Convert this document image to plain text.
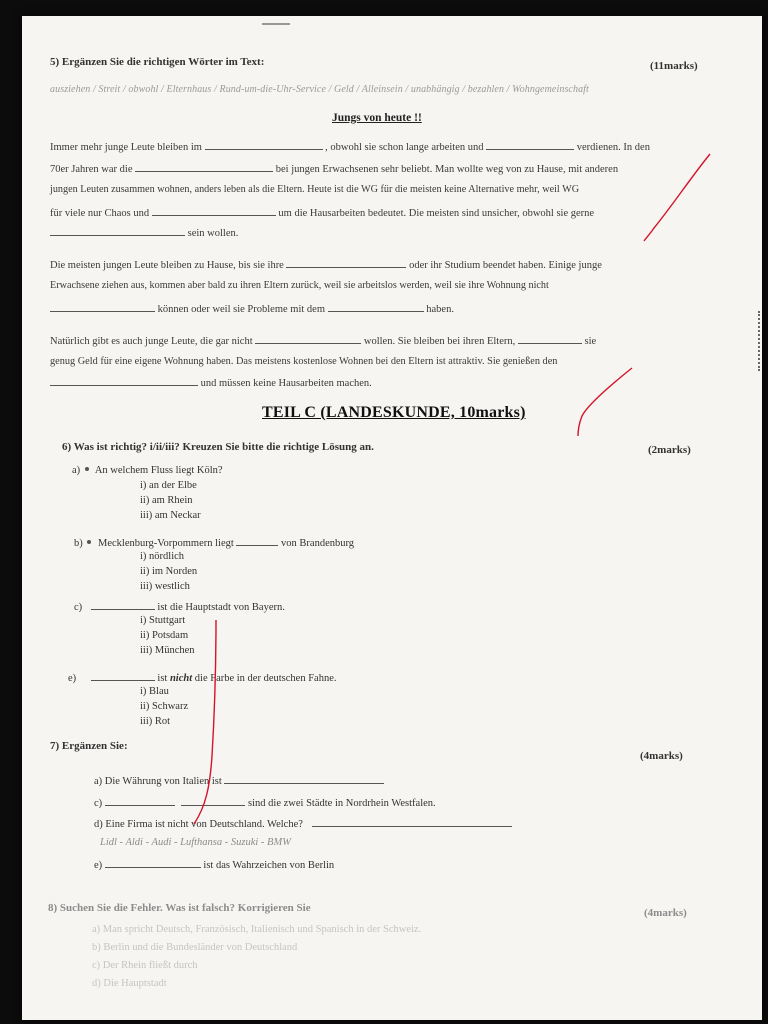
5) Ergänzen Sie die richtigen Wörter im Text:	(11marks)
ausziehen / Streit / obwohl / Elternhaus / Rund-um-die-Uhr-Service / Geld / Alleinsein / unabhängig / bezahlen / Wohngemeinschaft
Jungs von heute !!
Immer mehr junge Leute bleiben im	, obwohl sie schon lange arbeiten und	verdienen. In den
70er Jahren war die	bei jungen Erwachsenen sehr beliebt. Man wollte weg von zu Hause, mit anderen
jungen Leuten zusammen wohnen, anders leben als die Eltern. Heute ist die WG für die meisten keine Alternative mehr, weil WG
für viele nur Chaos und	um die Hausarbeiten bedeutet. Die meisten sind unsicher, obwohl sie gerne
sein wollen.
Die meisten jungen Leute bleiben zu Hause, bis sie ihre	oder ihr Studium beendet haben. Einige junge
Erwachsene ziehen aus, kommen aber bald zu ihren Eltern zurück, weil sie arbeitslos werden, weil sie ihre Wohnung nicht
können oder weil sie Probleme mit dem	haben.
Natürlich gibt es auch junge Leute, die gar nicht	wollen. Sie bleiben bei ihren Eltern,	sie
genug Geld für eine eigene Wohnung haben. Das meistens kostenlose Wohnen bei den Eltern ist attraktiv. Sie genießen den
und müssen keine Hausarbeiten machen.
TEIL C (LANDESKUNDE, 10marks)
6) Was ist richtig? i/ii/iii? Kreuzen Sie bitte die richtige Lösung an.	(2marks)
a) An welchem Fluss liegt Köln?
i) an der Elbe
ii) am Rhein
iii) am Neckar
b) Mecklenburg-Vorpommern liegt	von Brandenburg
i) nördlich
ii) im Norden
iii) westlich
c)	ist die Hauptstadt von Bayern.
i) Stuttgart
ii) Potsdam
iii) München
e)	ist nicht die Farbe in der deutschen Fahne.
i) Blau
ii) Schwarz
iii) Rot
7) Ergänzen Sie:
(4marks)
a) Die Währung von Italien ist
c)	sind die zwei Städte in Nordrhein Westfalen.
d) Eine Firma ist nicht von Deutschland. Welche?
Lidl - Aldi - Audi - Lufthansa - Suzuki - BMW
e)	ist das Wahrzeichen von Berlin
8) Suchen Sie die Fehler. Was ist falsch? Korrigieren Sie	(4marks)
a) Man spricht Deutsch, Französisch, Italienisch und Spanisch in der Schweiz.
b) Berlin und die Bundesländer von Deutschland
c) Der Rhein fließt durch
d) Die Hauptstadt
